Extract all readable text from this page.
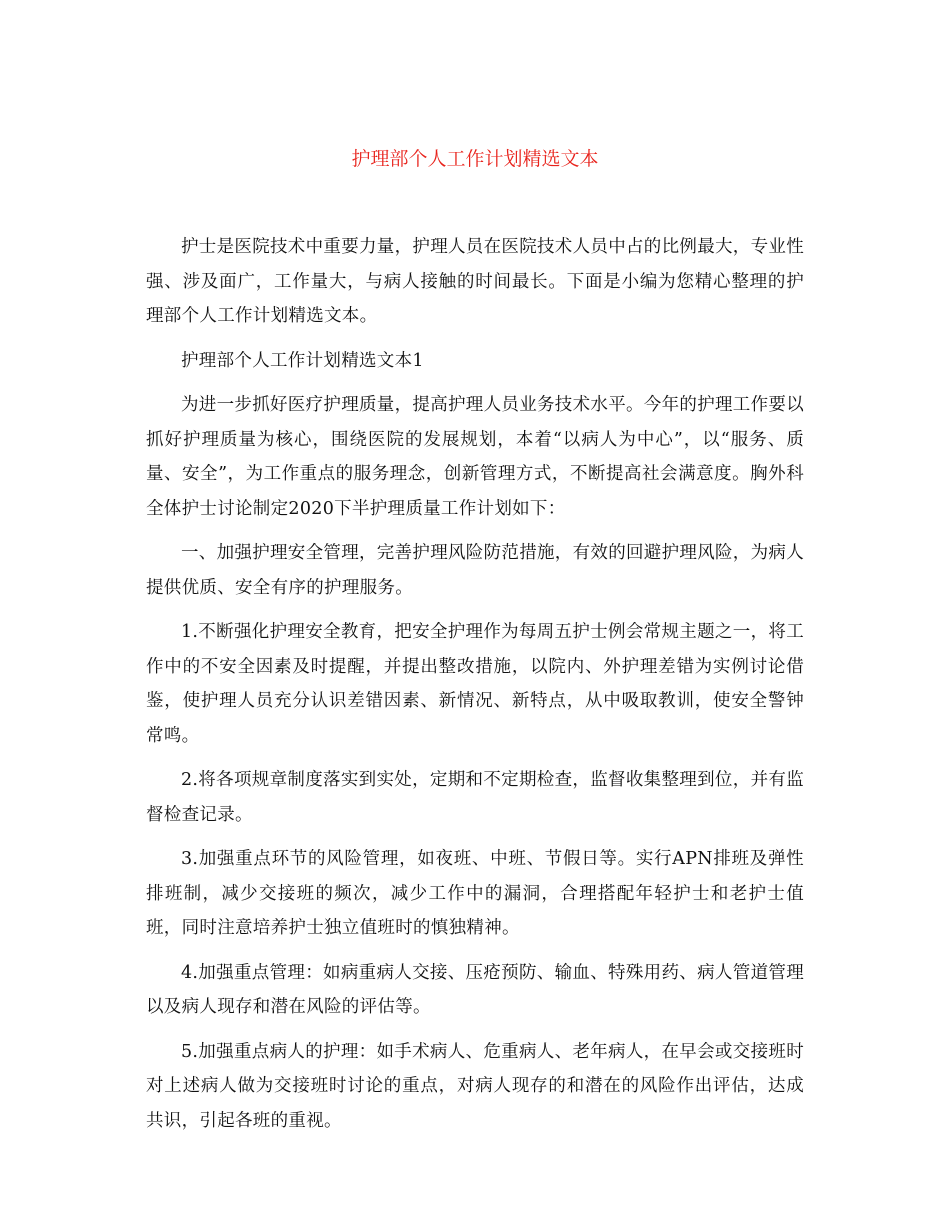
护理部个人工作计划精选文本

护士是医院技术中重要力量，护理人员在医院技术人员中占的比例最大，专业性强、涉及面广，工作量大，与病人接触的时间最长。下面是小编为您精心整理的护理部个人工作计划精选文本。

护理部个人工作计划精选文本1

为进一步抓好医疗护理质量，提高护理人员业务技术水平。今年的护理工作要以抓好护理质量为核心，围绕医院的发展规划，本着“以病人为中心”，以“服务、质量、安全”，为工作重点的服务理念，创新管理方式，不断提高社会满意度。胸外科全体护士讨论制定2020下半护理质量工作计划如下：

一、加强护理安全管理，完善护理风险防范措施，有效的回避护理风险，为病人提供优质、安全有序的护理服务。

1.不断强化护理安全教育，把安全护理作为每周五护士例会常规主题之一，将工作中的不安全因素及时提醒，并提出整改措施，以院内、外护理差错为实例讨论借鉴，使护理人员充分认识差错因素、新情况、新特点，从中吸取教训，使安全警钟常鸣。

2.将各项规章制度落实到实处，定期和不定期检查，监督收集整理到位，并有监督检查记录。

3.加强重点环节的风险管理，如夜班、中班、节假日等。实行APN排班及弹性排班制，减少交接班的频次，减少工作中的漏洞，合理搭配年轻护士和老护士值班，同时注意培养护士独立值班时的慎独精神。

4.加强重点管理：如病重病人交接、压疮预防、输血、特殊用药、病人管道管理以及病人现存和潜在风险的评估等。

5.加强重点病人的护理：如手术病人、危重病人、老年病人，在早会或交接班时对上述病人做为交接班时讨论的重点，对病人现存的和潜在的风险作出评估，达成共识，引起各班的重视。
